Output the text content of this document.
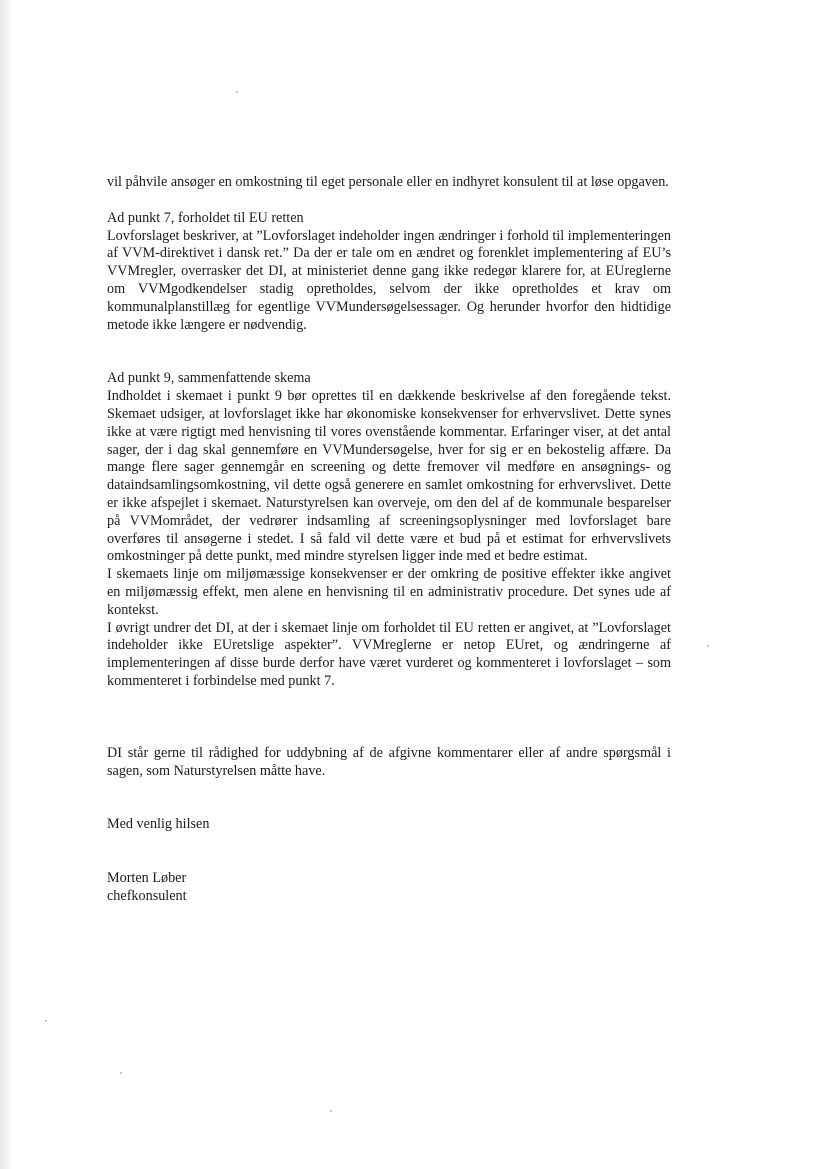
vil påhvile ansøger en omkostning til eget personale eller en indhyret konsulent til at løse opgaven.

Ad punkt 7, forholdet til EU retten

Lovforslaget beskriver, at ”Lovforslaget indeholder ingen ændringer i forhold til implementeringen af VVM-direktivet i dansk ret.” Da der er tale om en ændret og forenklet implementering af EU’s VVMregler, overrasker det DI, at ministeriet denne gang ikke redegør klarere for, at EUreglerne om VVMgodkendelser stadig opretholdes, selvom der ikke opretholdes et krav om kommunalplanstillæg for egentlige VVMundersøgelsessager. Og herunder hvorfor den hidtidige metode ikke længere er nødvendig.

Ad punkt 9, sammenfattende skema

Indholdet i skemaet i punkt 9 bør oprettes til en dækkende beskrivelse af den foregående tekst. Skemaet udsiger, at lovforslaget ikke har økonomiske konsekvenser for erhvervslivet. Dette synes ikke at være rigtigt med henvisning til vores ovenstående kommentar. Erfaringer viser, at det antal sager, der i dag skal gennemføre en VVMundersøgelse, hver for sig er en bekostelig affære. Da mange flere sager gennemgår en screening og dette fremover vil medføre en ansøgnings- og dataindsamlingsomkostning, vil dette også generere en samlet omkostning for erhvervslivet. Dette er ikke afspejlet i skemaet. Naturstyrelsen kan overveje, om den del af de kommunale besparelser på VVMområdet, der vedrører indsamling af screeningsoplysninger med lovforslaget bare overføres til ansøgerne i stedet. I så fald vil dette være et bud på et estimat for erhvervslivets omkostninger på dette punkt, med mindre styrelsen ligger inde med et bedre estimat.

I skemaets linje om miljømæssige konsekvenser er der omkring de positive effekter ikke angivet en miljømæssig effekt, men alene en henvisning til en administrativ procedure. Det synes ude af kontekst.

I øvrigt undrer det DI, at der i skemaet linje om forholdet til EU retten er angivet, at ”Lovforslaget indeholder ikke EUretslige aspekter”. VVMreglerne er netop EUret, og ændringerne af implementeringen af disse burde derfor have været vurderet og kommenteret i lovforslaget – som kommenteret i forbindelse med punkt 7.

DI står gerne til rådighed for uddybning af de afgivne kommentarer eller af andre spørgsmål i sagen, som Naturstyrelsen måtte have.

Med venlig hilsen

Morten Løber

chefkonsulent
